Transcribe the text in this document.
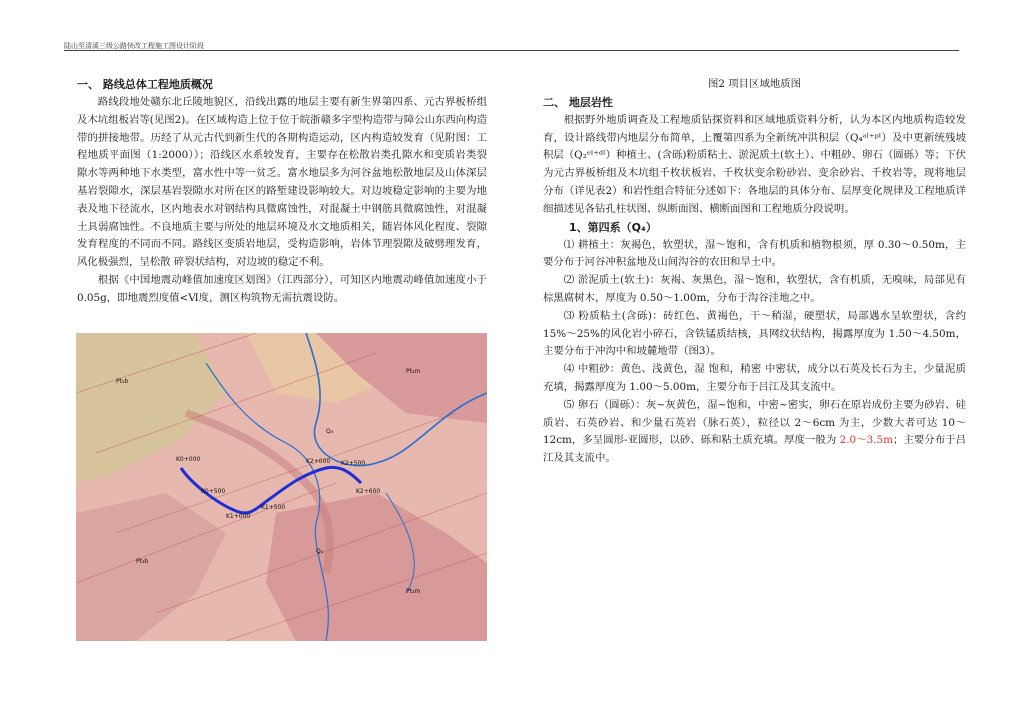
陆山至清溪三级公路快改工程施工图设计阶段
一、 路线总体工程地质概况

路线段地处赣东北丘陵地貌区，沿线出露的地层主要有新生界第四系、元古界板桥组及木坑组板岩等(见图2)。在区域构造上位于位于皖浙赣多字型构造带与障公山东西向构造带的拼接地带。历经了从元古代到新生代的各期构造运动，区内构造较发育（见附图：工程地质平面图（1:2000））；沿线区水系较发育，主要存在松散岩类孔隙水和变质岩类裂隙水等两种地下水类型，富水性中等一贫乏。富水地层多为河谷盆地松散地层及山体深层基岩裂隙水，深层基岩裂隙水对所在区的路堑建设影响较大。对边坡稳定影响的主要为地表及地下径流水，区内地表水对钢结构具微腐蚀性，对混凝土中钢筋具微腐蚀性，对混凝土具弱腐蚀性。不良地质主要与所处的地层环境及水文地质相关，随岩体风化程度、裂隙发育程度的不同而不同。路线区变质岩地层，受构造影响，岩体节理裂隙及破劈理发育，风化极强烈，呈松散 碎裂状结构，对边坡的稳定不利。

根据《中国地震动峰值加速度区划图》（江西部分），可知区内地震动峰值加速度小于0.05g，即地震烈度值<Ⅵ度，测区构筑物无需抗震设防。

K0+000
K0+500
K1+000
K1+500
K2+000 K2+500
K2+600
Pt₃b
Pt₃m
Q₄
Pt₃b
Pt₃m
Q₄

图2 项目区域地质图

二、 地层岩性

根据野外地质调查及工程地质钻探资料和区域地质资料分析，认为本区内地质构造较发育，设计路线带内地层分布简单，上覆第四系为全新统冲洪积层（Q₄ᵃˡ⁺ᵖˡ）及中更新统残坡积层（Q₂ᵉˡ⁺ᵈˡ）种植土、(含砾)粉质粘土、淤泥质土(软土）、中粗砂、卵石（圆砾）等；下伏为元古界板桥组及木坑组千枚状板岩、千枚状变余粉砂岩、变余砂岩、千枚岩等，现将地层分布（详见表2）和岩性组合特征分述如下：各地层的具体分布、层厚变化规律及工程地质详细描述见各钻孔柱状图、纵断面图、横断面图和工程地质分段说明。

1、第四系（Q₄）

⑴ 耕植土：灰褐色，软塑状，湿～饱和，含有机质和植物根须，厚 0.30～0.50m，主要分布于河谷冲积盆地及山间沟谷的农田和旱土中。

⑵ 淤泥质土(软土)：灰褐、灰黑色，湿～饱和，软塑状，含有机质，无嗅味，局部见有棕黑腐树木，厚度为 0.50～1.00m，分布于沟谷洼地之中。

⑶ 粉质粘土(含砾)：砖红色、黄褐色，干～稍湿，硬塑状，局部遇水呈软塑状，含约 15%～25%的风化岩小碎石，含铁锰质结核，具网纹状结构，揭露厚度为 1.50～4.50m，主要分布于冲沟中和坡麓地带（图3）。

⑷ 中粗砂：黄色、浅黄色，湿 饱和，稍密 中密状，成分以石英及长石为主，少量泥质充填，揭露厚度为 1.00～5.00m，主要分布于吕江及其支流中。

⑸ 卵石（圆砾）：灰~灰黄色，湿~饱和，中密~密实，卵石在原岩成份主要为砂岩、硅质岩、石英砂岩、和少量石英岩（脉石英），粒径以 2～6cm 为主，少数大者可达 10～12cm，多呈圆形-亚圆形，以砂、砾和粘土质充填。厚度一般为 2.0～3.5m；主要分布于吕江及其支流中。
